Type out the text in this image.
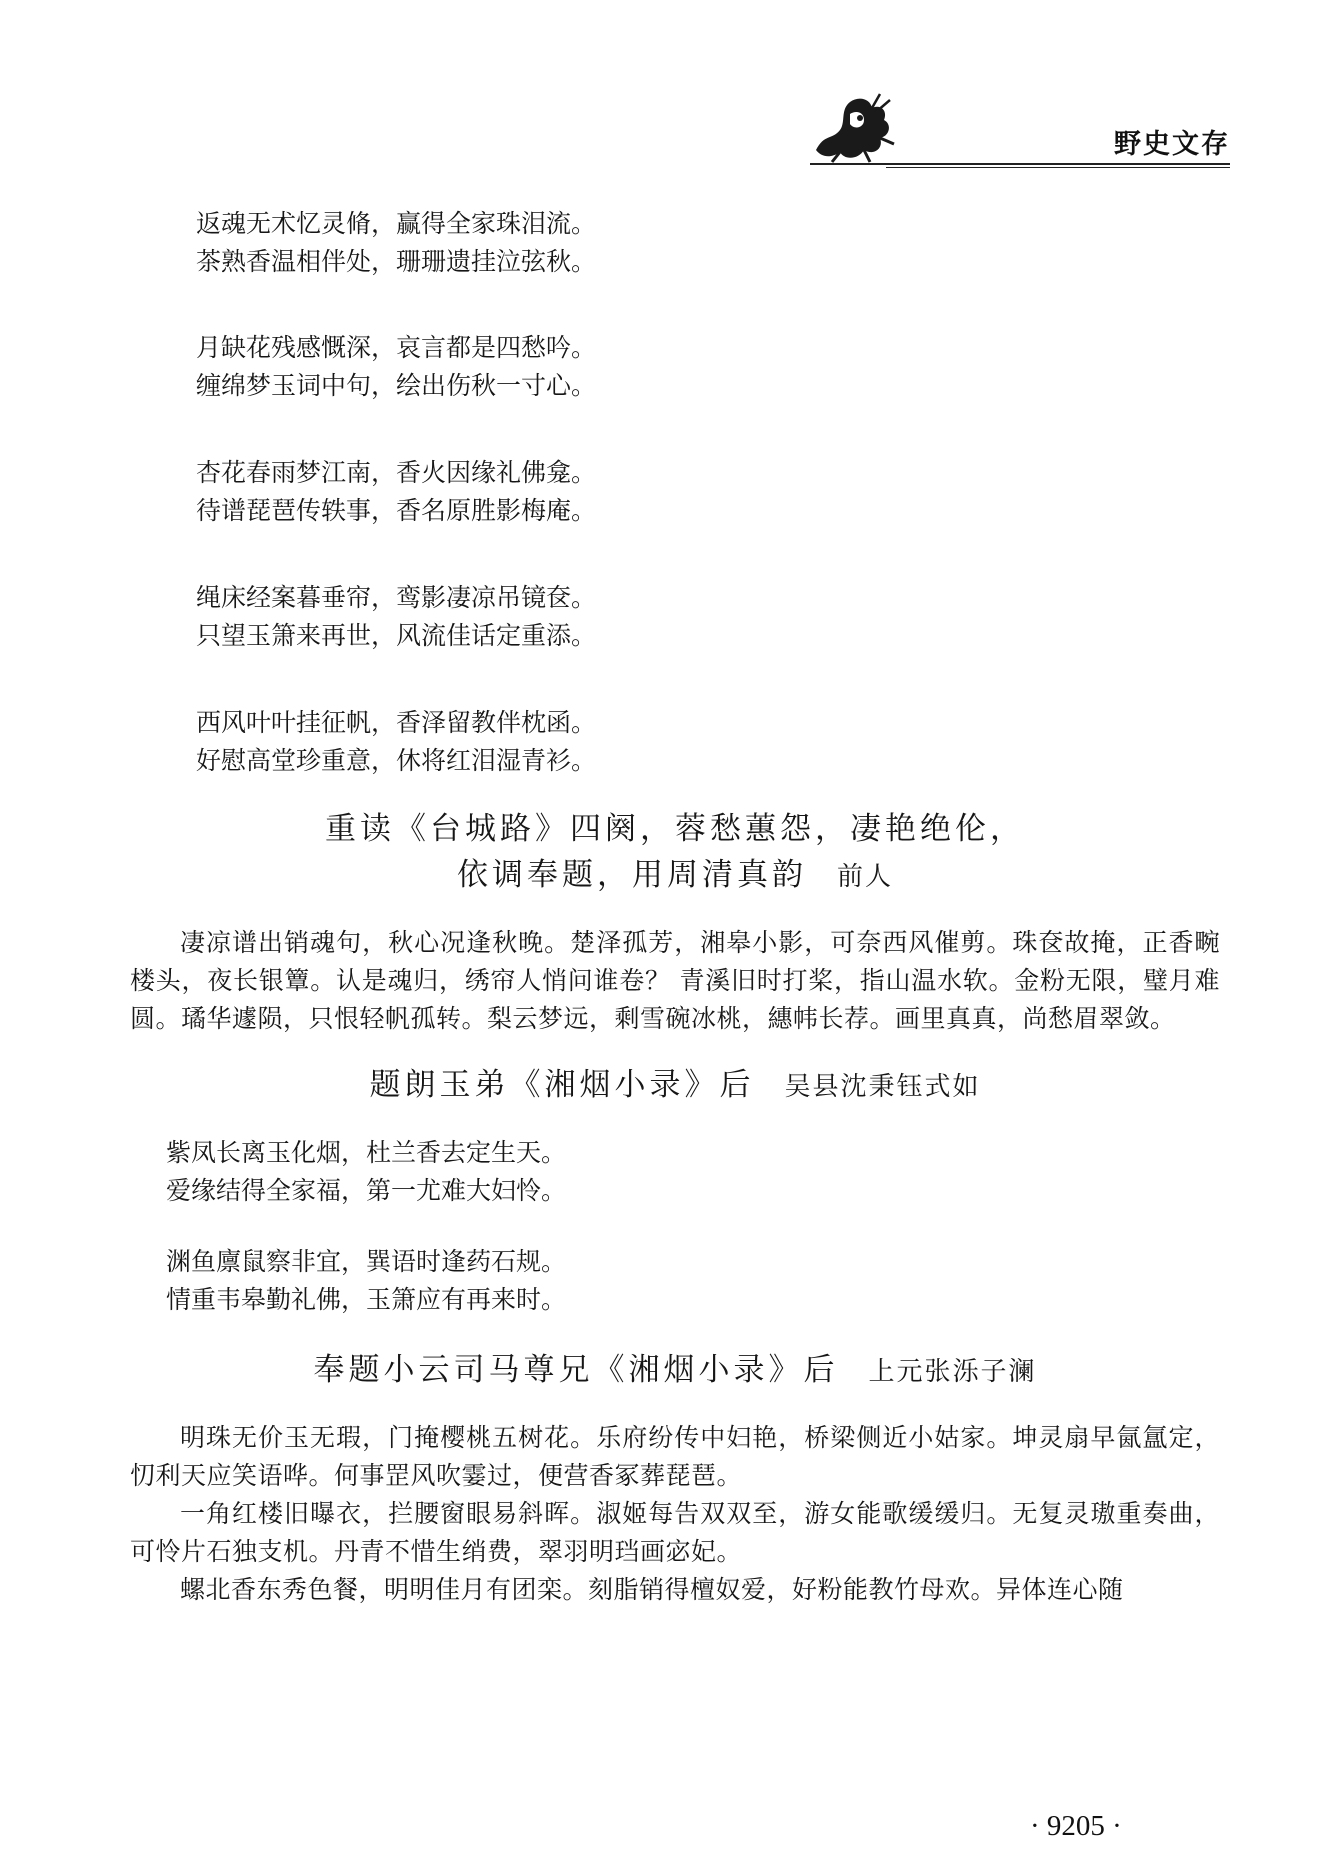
野史文存

返魂无术忆灵脩，赢得全家珠泪流。

茶熟香温相伴处，珊珊遗挂泣弦秋。

月缺花残感慨深，哀言都是四愁吟。

缠绵梦玉词中句，绘出伤秋一寸心。

杏花春雨梦江南，香火因缘礼佛龛。

待谱琵琶传轶事，香名原胜影梅庵。

绳床经案暮垂帘，鸾影凄凉吊镜奁。

只望玉箫来再世，风流佳话定重添。

西风叶叶挂征帆，香泽留教伴枕函。

好慰高堂珍重意，休将红泪湿青衫。

重读《台城路》四阕，蓉愁蕙怨，凄艳绝伦，
依调奉题，用周清真韵 前人

凄凉谱出销魂句，秋心况逢秋晚。楚泽孤芳，湘皋小影，可奈西风催剪。珠奁故掩，正香畹楼头，夜长银簟。认是魂归，绣帘人悄问谁卷？ 青溪旧时打桨，指山温水软。金粉无限，璧月难圆。璚华遽陨，只恨轻帆孤转。梨云梦远，剩雪碗冰桃，繐帏长荐。画里真真，尚愁眉翠敛。

题朗玉弟《湘烟小录》后 吴县沈秉钰式如

紫凤长离玉化烟，杜兰香去定生天。

爱缘结得全家福，第一尤难大妇怜。

渊鱼廪鼠察非宜，巽语时逢药石规。

情重韦皋勤礼佛，玉箫应有再来时。

奉题小云司马尊兄《湘烟小录》后 上元张泺子澜

明珠无价玉无瑕，门掩樱桃五树花。乐府纷传中妇艳，桥梁侧近小姑家。坤灵扇早氤氲定，忉利天应笑语哗。何事罡风吹霎过，便营香冢葬琵琶。

一角红楼旧曝衣，拦腰窗眼易斜晖。淑姬每告双双至，游女能歌缓缓归。无复灵璈重奏曲，可怜片石独支机。丹青不惜生绡费，翠羽明珰画宓妃。

螺北香东秀色餐，明明佳月有团栾。刻脂销得檀奴爱，好粉能教竹母欢。异体连心随

· 9205 ·
